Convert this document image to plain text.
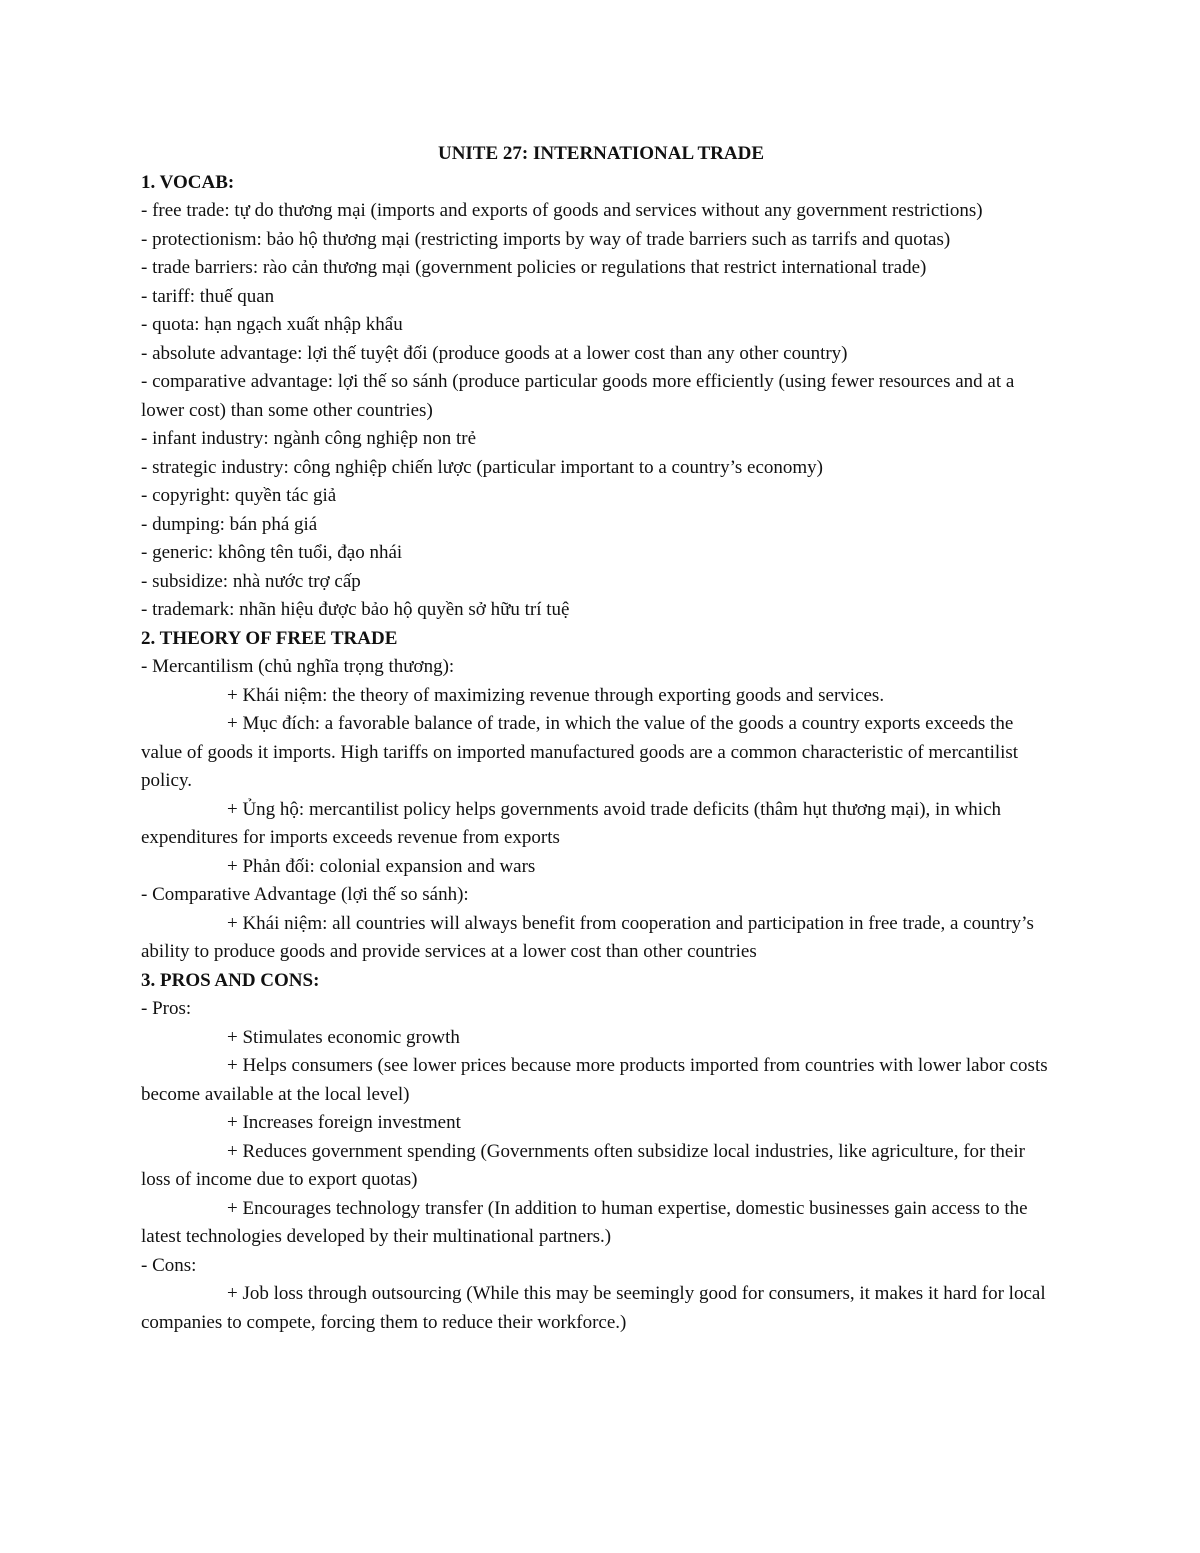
UNITE 27: INTERNATIONAL TRADE

1. VOCAB:

- free trade: tự do thương mại (imports and exports of goods and services without any government restrictions)

- protectionism: bảo hộ thương mại (restricting imports by way of trade barriers such as tarrifs and quotas)

- trade barriers: rào cản thương mại (government policies or regulations that restrict international trade)

- tariff: thuế quan

- quota: hạn ngạch xuất nhập khẩu

- absolute advantage: lợi thế tuyệt đối (produce goods at a lower cost than any other country)

- comparative advantage: lợi thế so sánh (produce particular goods more efficiently (using fewer resources and at a lower cost) than some other countries)

- infant industry: ngành công nghiệp non trẻ

- strategic industry: công nghiệp chiến lược (particular important to a country’s economy)

- copyright: quyền tác giả

- dumping: bán phá giá

- generic: không tên tuổi, đạo nhái

- subsidize: nhà nước trợ cấp

- trademark: nhãn hiệu được bảo hộ quyền sở hữu trí tuệ

2. THEORY OF FREE TRADE

- Mercantilism (chủ nghĩa trọng thương):

+ Khái niệm: the theory of maximizing revenue through exporting goods and services.

+ Mục đích: a favorable balance of trade, in which the value of the goods a country exports exceeds the value of goods it imports. High tariffs on imported manufactured goods are a common characteristic of mercantilist policy.

+ Ủng hộ: mercantilist policy helps governments avoid trade deficits (thâm hụt thương mại), in which expenditures for imports exceeds revenue from exports

+ Phản đối: colonial expansion and wars

- Comparative Advantage (lợi thế so sánh):

+ Khái niệm: all countries will always benefit from cooperation and participation in free trade, a country’s ability to produce goods and provide services at a lower cost than other countries

3. PROS AND CONS:

- Pros:

+ Stimulates economic growth

+ Helps consumers (see lower prices because more products imported from countries with lower labor costs become available at the local level)

+ Increases foreign investment

+ Reduces government spending (Governments often subsidize local industries, like agriculture, for their loss of income due to export quotas)

+ Encourages technology transfer (In addition to human expertise, domestic businesses gain access to the latest technologies developed by their multinational partners.)

- Cons:

+ Job loss through outsourcing (While this may be seemingly good for consumers, it makes it hard for local companies to compete, forcing them to reduce their workforce.)
